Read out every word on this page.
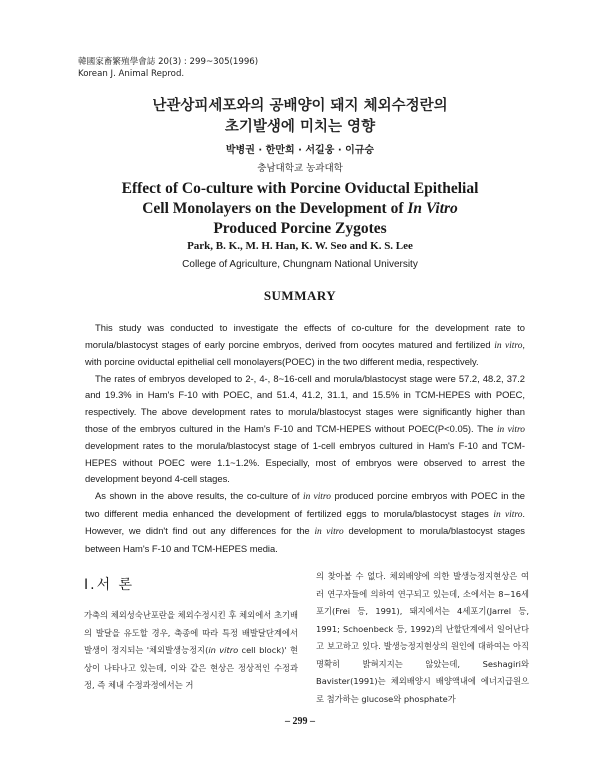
韓國家畜繁殖學會誌 20(3) : 299~305(1996)
Korean J. Animal Reprod.
난관상피세포와의 공배양이 돼지 체외수정란의
초기발생에 미치는 영향
박병권 · 한만희 · 서길웅 · 이규승
충남대학교 농과대학
Effect of Co-culture with Porcine Oviductal Epithelial
Cell Monolayers on the Development of In Vitro
Produced Porcine Zygotes
Park, B. K., M. H. Han, K. W. Seo and K. S. Lee
College of Agriculture, Chungnam National University
SUMMARY

This study was conducted to investigate the effects of co-culture for the development rate to morula/blastocyst stages of early porcine embryos, derived from oocytes matured and fertilized in vitro, with porcine oviductal epithelial cell monolayers(POEC) in the two different media, respectively.

The rates of embryos developed to 2-, 4-, 8~16-cell and morula/blastocyst stage were 57.2, 48.2, 37.2 and 19.3% in Ham's F-10 with POEC, and 51.4, 41.2, 31.1, and 15.5% in TCM-HEPES with POEC, respectively. The above development rates to morula/blastocyst stages were significantly higher than those of the embryos cultured in the Ham's F-10 and TCM-HEPES without POEC(P<0.05). The in vitro development rates to the morula/blastocyst stage of 1-cell embryos cultured in Ham's F-10 and TCM-HEPES without POEC were 1.1~1.2%. Especially, most of embryos were observed to arrest the development beyond 4-cell stages.

As shown in the above results, the co-culture of in vitro produced porcine embryos with POEC in the two different media enhanced the development of fertilized eggs to morula/blastocyst stages in vitro. However, we didn't find out any differences for the in vitro development to morula/blastocyst stages between Ham's F-10 and TCM-HEPES media.

Ⅰ.서 론

가축의 체외성숙난포란을 체외수정시킨 후 체외에서 초기배의 발달을 유도할 경우, 축종에 따라 특정 배발달단계에서 발생이 정지되는 '체외발생능정지(in vitro cell block)' 현상이 나타나고 있는데, 이와 같은 현상은 정상적인 수정과정, 즉 체내 수정과정에서는 거

의 찾아볼 수 없다. 체외배양에 의한 발생능정지현상은 여러 연구자들에 의하여 연구되고 있는데, 소에서는 8~16세포기(Frei 등, 1991), 돼지에서는 4세포기(Jarrel 등, 1991; Schoenbeck 등, 1992)의 난할단계에서 일어난다고 보고하고 있다. 발생능정지현상의 원인에 대하여는 아직 명확히 밝혀지지는 않았는데, Seshagiri와 Bavister(1991)는 체외배양시 배양액내에 에너지급원으로 첨가하는 glucose와 phosphate가

– 299 –
